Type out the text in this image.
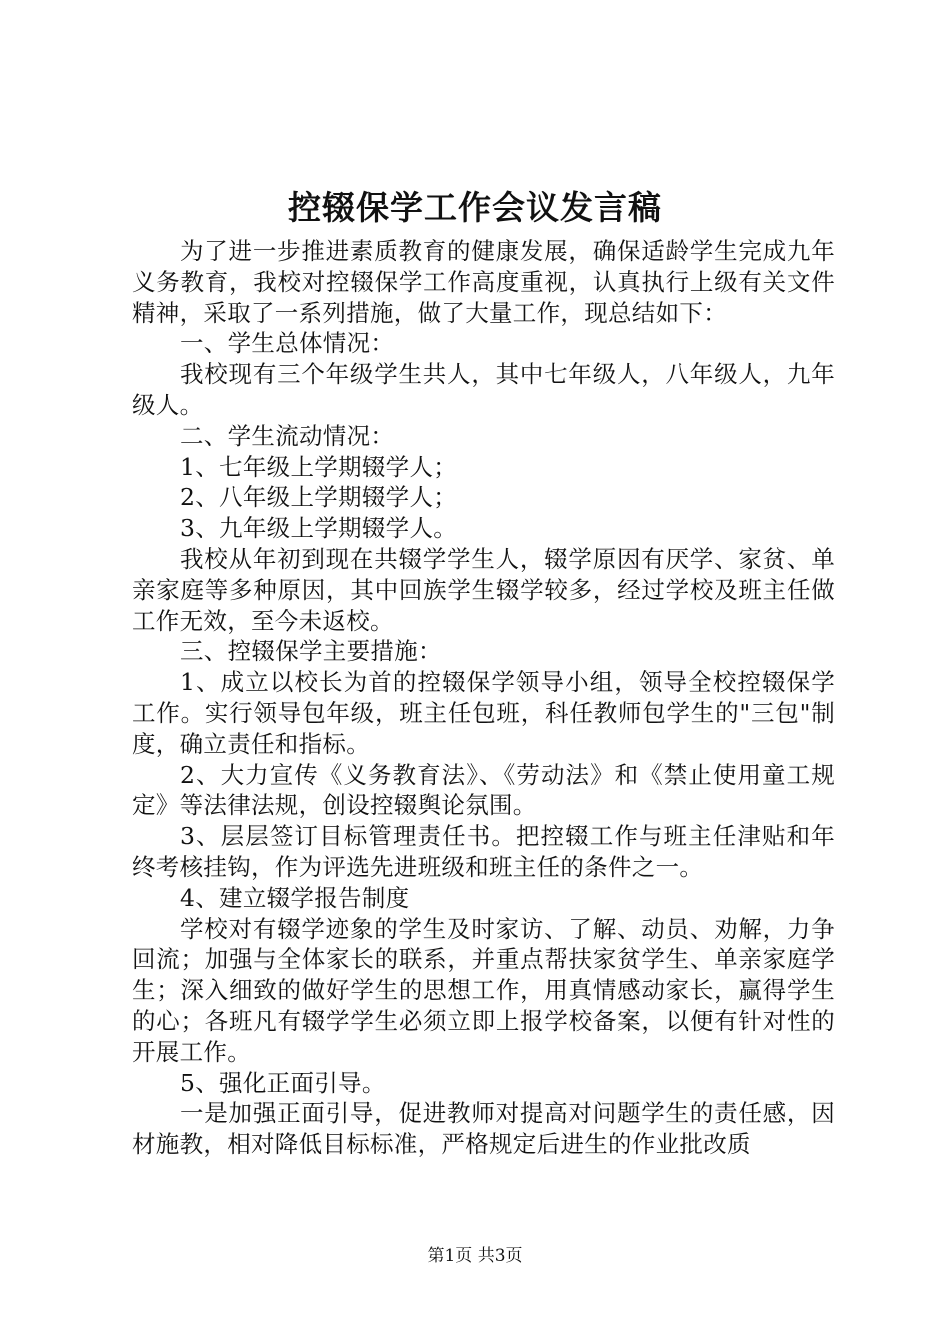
控辍保学工作会议发言稿

为了进一步推进素质教育的健康发展，确保适龄学生完成九年义务教育，我校对控辍保学工作高度重视，认真执行上级有关文件精神，采取了一系列措施，做了大量工作，现总结如下：

一、学生总体情况：

我校现有三个年级学生共人，其中七年级人，八年级人，九年级人。

二、学生流动情况：

1、七年级上学期辍学人；

2、八年级上学期辍学人；

3、九年级上学期辍学人。

我校从年初到现在共辍学学生人，辍学原因有厌学、家贫、单亲家庭等多种原因，其中回族学生辍学较多，经过学校及班主任做工作无效，至今未返校。

三、控辍保学主要措施：

1、成立以校长为首的控辍保学领导小组，领导全校控辍保学工作。实行领导包年级，班主任包班，科任教师包学生的"三包"制度，确立责任和指标。

2、大力宣传《义务教育法》、《劳动法》和《禁止使用童工规定》等法律法规，创设控辍舆论氛围。

3、层层签订目标管理责任书。把控辍工作与班主任津贴和年终考核挂钩，作为评选先进班级和班主任的条件之一。

4、建立辍学报告制度

学校对有辍学迹象的学生及时家访、了解、动员、劝解，力争回流；加强与全体家长的联系，并重点帮扶家贫学生、单亲家庭学生；深入细致的做好学生的思想工作，用真情感动家长，赢得学生的心；各班凡有辍学学生必须立即上报学校备案，以便有针对性的开展工作。

5、强化正面引导。

一是加强正面引导，促进教师对提高对问题学生的责任感，因材施教，相对降低目标标准，严格规定后进生的作业批改质

第1页 共3页
